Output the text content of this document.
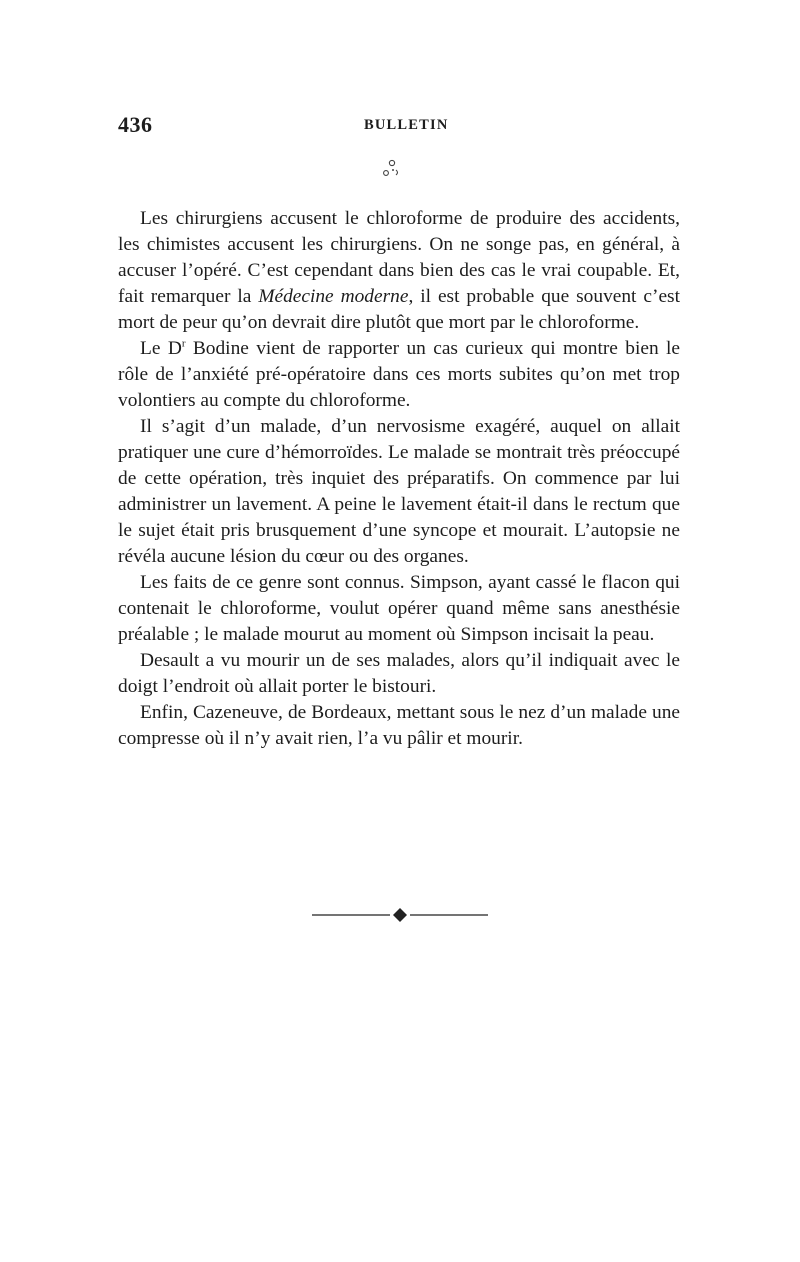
436	BULLETIN

Les chirurgiens accusent le chloroforme de produire des accidents, les chimistes accusent les chirurgiens. On ne songe pas, en général, à accuser l’opéré. C’est cependant dans bien des cas le vrai coupable. Et, fait remarquer la Médecine moderne, il est probable que souvent c’est mort de peur qu’on devrait dire plutôt que mort par le chloroforme.

Le $D^r$ Bodine vient de rapporter un cas curieux qui montre bien le rôle de l’anxiété pré-opératoire dans ces morts subites qu’on met trop volontiers au compte du chloroforme.

Il s’agit d’un malade, d’un nervosisme exagéré, auquel on allait pratiquer une cure d’hémorroïdes. Le malade se montrait très préoccupé de cette opération, très inquiet des préparatifs. On commence par lui administrer un lavement. A peine le lavement était-il dans le rectum que le sujet était pris brusquement d’une syncope et mourait. L’autopsie ne révéla aucune lésion du cœur ou des organes.

Les faits de ce genre sont connus. Simpson, ayant cassé le flacon qui contenait le chloroforme, voulut opérer quand même sans anesthésie préalable ; le malade mourut au moment où Simpson incisait la peau.

Desault a vu mourir un de ses malades, alors qu’il indiquait avec le doigt l’endroit où allait porter le bistouri.

Enfin, Cazeneuve, de Bordeaux, mettant sous le nez d’un malade une compresse où il n’y avait rien, l’a vu pâlir et mourir.
